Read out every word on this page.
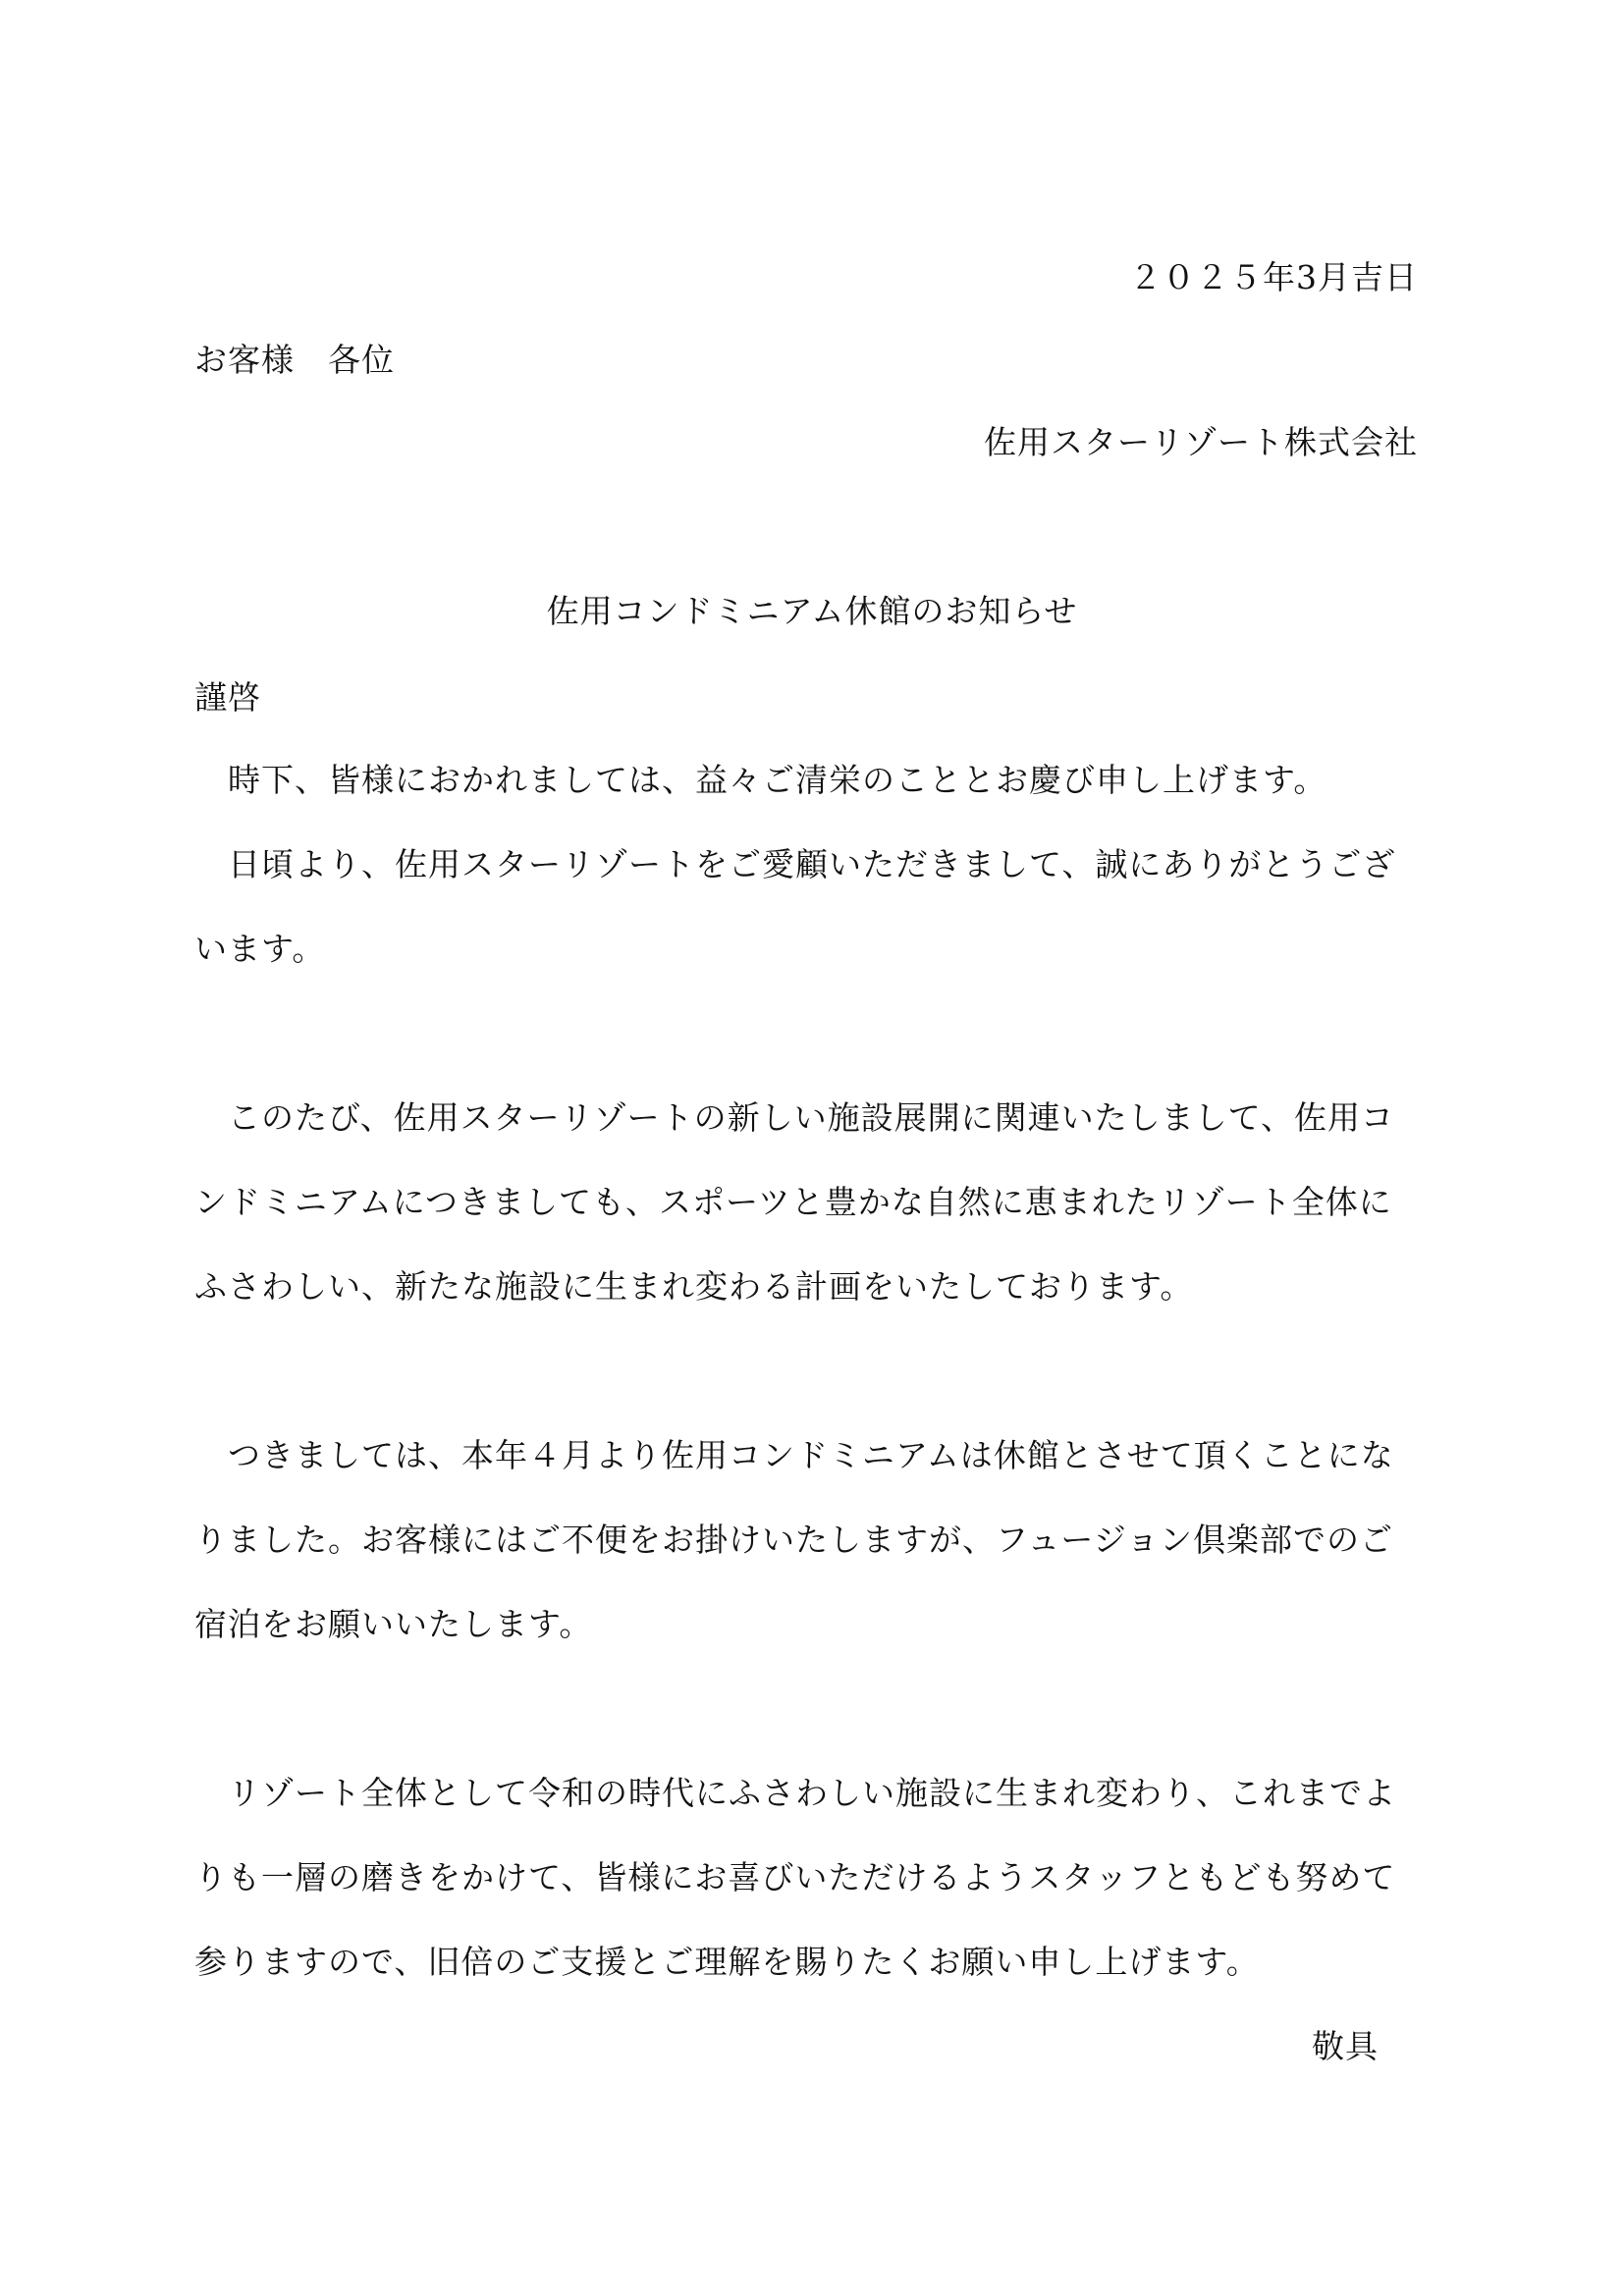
２０２５年3月吉日
お客様　各位
佐用スターリゾート株式会社
佐用コンドミニアム休館のお知らせ
謹啓
　時下、皆様におかれましては、益々ご清栄のこととお慶び申し上げます。
　日頃より、佐用スターリゾートをご愛顧いただきまして、誠にありがとうござ
います。
　このたび、佐用スターリゾートの新しい施設展開に関連いたしまして、佐用コ
ンドミニアムにつきましても、スポーツと豊かな自然に恵まれたリゾート全体に
ふさわしい、新たな施設に生まれ変わる計画をいたしております。
　つきましては、本年４月より佐用コンドミニアムは休館とさせて頂くことにな
りました。お客様にはご不便をお掛けいたしますが、フュージョン倶楽部でのご
宿泊をお願いいたします。
　リゾート全体として令和の時代にふさわしい施設に生まれ変わり、これまでよ
りも一層の磨きをかけて、皆様にお喜びいただけるようスタッフともども努めて
参りますので、旧倍のご支援とご理解を賜りたくお願い申し上げます。
敬具
